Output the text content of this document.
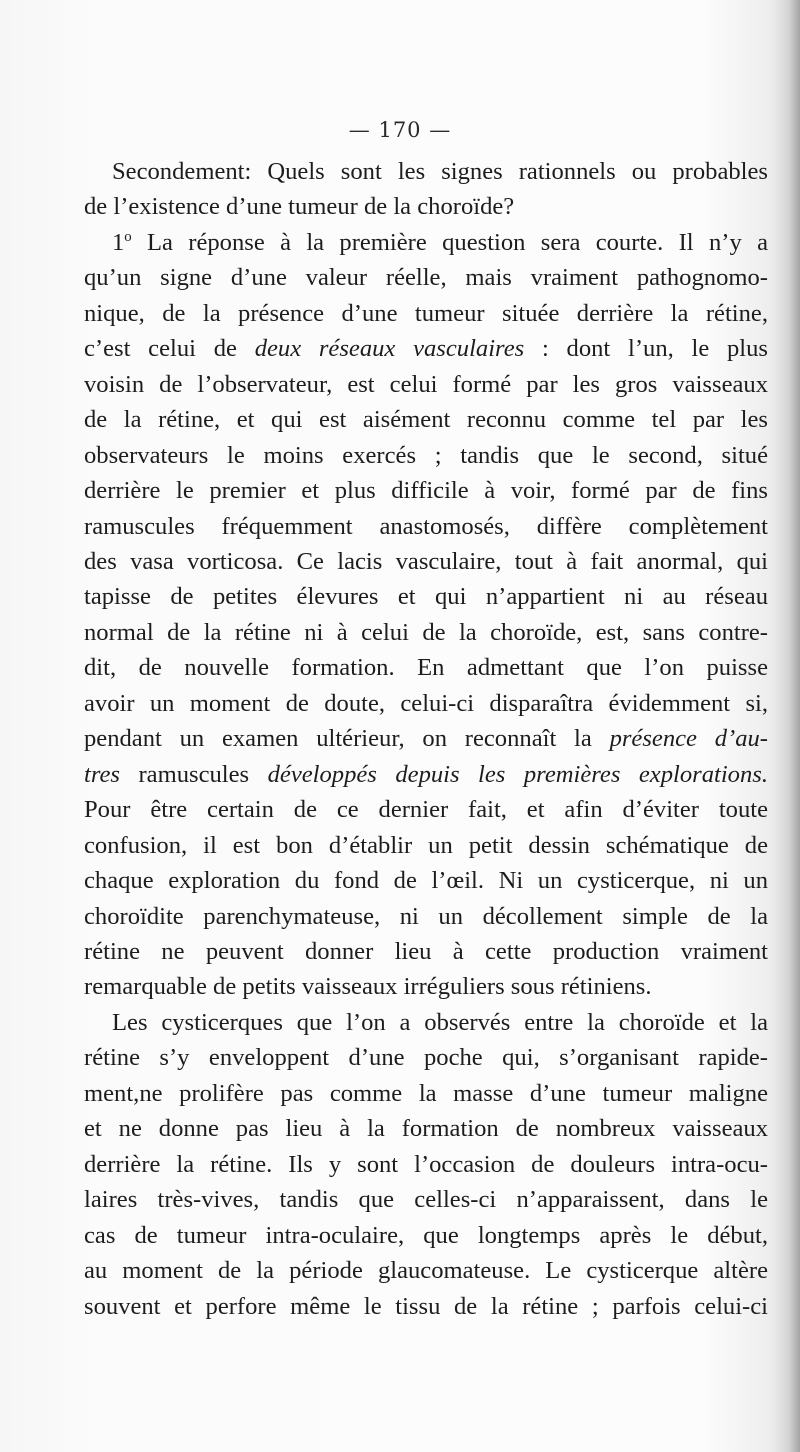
— 170 —
Secondement: Quels sont les signes rationnels ou probables
de l’existence d’une tumeur de la choroïde?
1$^o$ La réponse à la première question sera courte. Il n’y a
qu’un signe d’une valeur réelle, mais vraiment pathognomo-
nique, de la présence d’une tumeur située derrière la rétine,
c’est celui de deux réseaux vasculaires : dont l’un, le plus
voisin de l’observateur, est celui formé par les gros vaisseaux
de la rétine, et qui est aisément reconnu comme tel par les
observateurs le moins exercés ; tandis que le second, situé
derrière le premier et plus difficile à voir, formé par de fins
ramuscules fréquemment anastomosés, diffère complètement
des vasa vorticosa. Ce lacis vasculaire, tout à fait anormal, qui
tapisse de petites élevures et qui n’appartient ni au réseau
normal de la rétine ni à celui de la choroïde, est, sans contre-
dit, de nouvelle formation. En admettant que l’on puisse
avoir un moment de doute, celui-ci disparaîtra évidemment si,
pendant un examen ultérieur, on reconnaît la présence d’au-
tres ramuscules développés depuis les premières explorations.
Pour être certain de ce dernier fait, et afin d’éviter toute
confusion, il est bon d’établir un petit dessin schématique de
chaque exploration du fond de l’œil. Ni un cysticerque, ni un
choroïdite parenchymateuse, ni un décollement simple de la
rétine ne peuvent donner lieu à cette production vraiment
remarquable de petits vaisseaux irréguliers sous rétiniens.
Les cysticerques que l’on a observés entre la choroïde et la
rétine s’y enveloppent d’une poche qui, s’organisant rapide-
ment,ne prolifère pas comme la masse d’une tumeur maligne
et ne donne pas lieu à la formation de nombreux vaisseaux
derrière la rétine. Ils y sont l’occasion de douleurs intra-ocu-
laires très-vives, tandis que celles-ci n’apparaissent, dans le
cas de tumeur intra-oculaire, que longtemps après le début,
au moment de la période glaucomateuse. Le cysticerque altère
souvent et perfore même le tissu de la rétine ; parfois celui-ci
